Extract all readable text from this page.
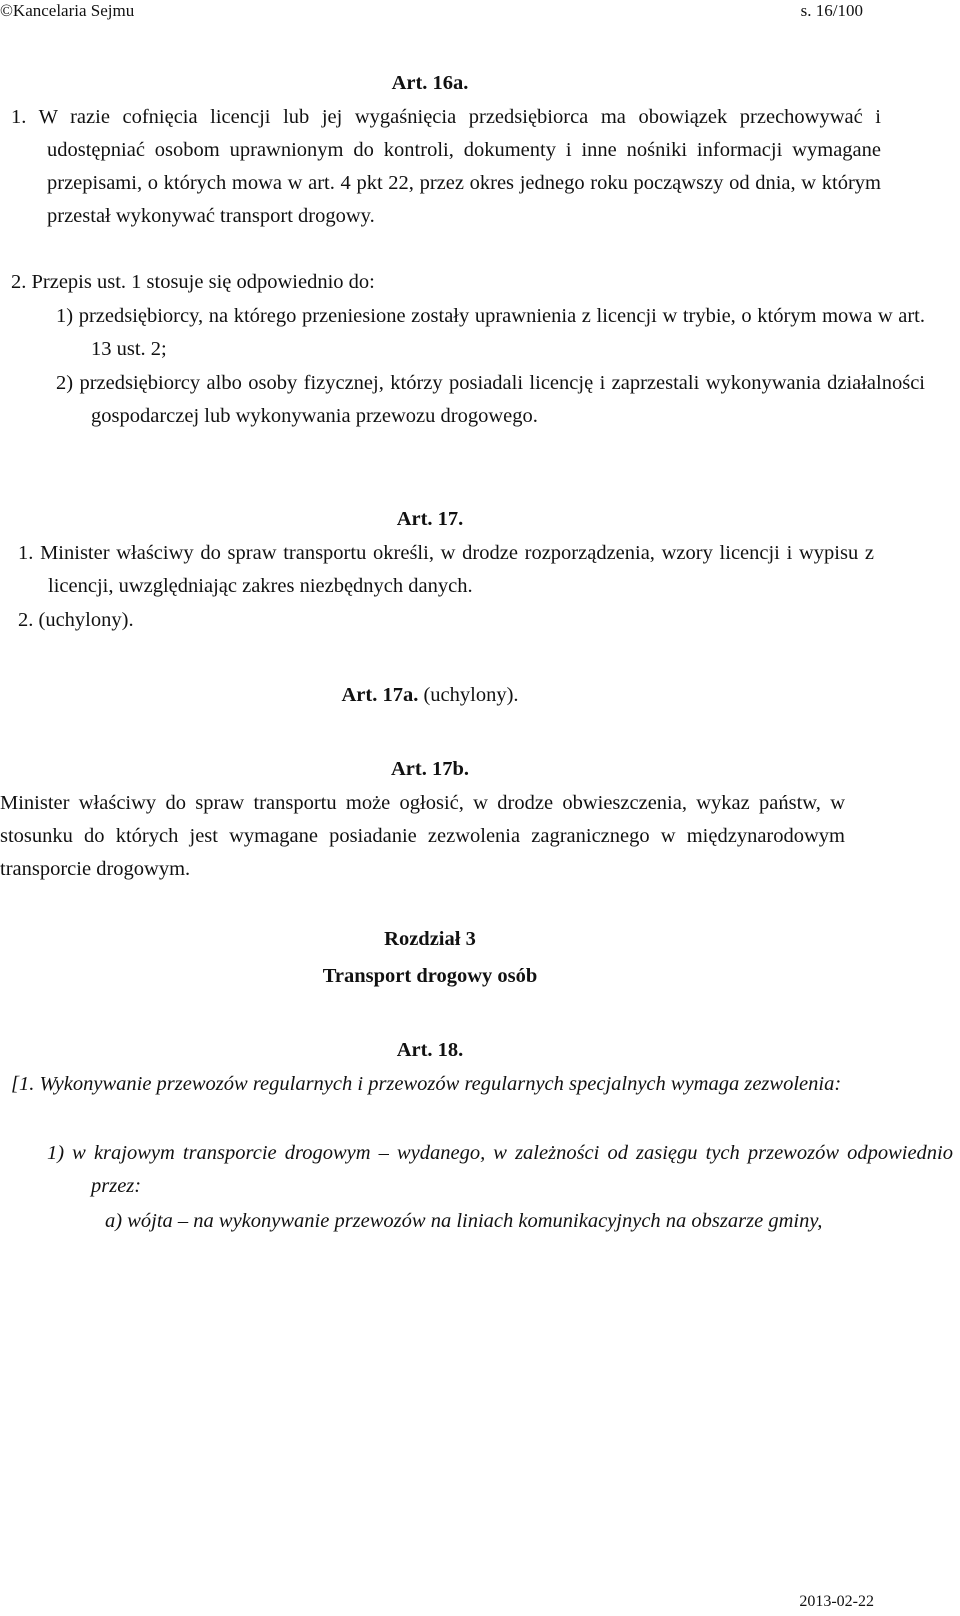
©Kancelaria Sejmu	s. 16/100
Art. 16a.

1. W razie cofnięcia licencji lub jej wygaśnięcia przedsiębiorca ma obowiązek przechowywać i udostępniać osobom uprawnionym do kontroli, dokumenty i inne nośniki informacji wymagane przepisami, o których mowa w art. 4 pkt 22, przez okres jednego roku począwszy od dnia, w którym przestał wykonywać transport drogowy.

2. Przepis ust. 1 stosuje się odpowiednio do:

1) przedsiębiorcy, na którego przeniesione zostały uprawnienia z licencji w trybie, o którym mowa w art. 13 ust. 2;

2) przedsiębiorcy albo osoby fizycznej, którzy posiadali licencję i zaprzestali wykonywania działalności gospodarczej lub wykonywania przewozu drogowego.

Art. 17.

1. Minister właściwy do spraw transportu określi, w drodze rozporządzenia, wzory licencji i wypisu z licencji, uwzględniając zakres niezbędnych danych.

2. (uchylony).

Art. 17a. (uchylony).
Art. 17b.

Minister właściwy do spraw transportu może ogłosić, w drodze obwieszczenia, wykaz państw, w stosunku do których jest wymagane posiadanie zezwolenia zagranicznego w międzynarodowym transporcie drogowym.

Rozdział 3
Transport drogowy osób
Art. 18.

[1. Wykonywanie przewozów regularnych i przewozów regularnych specjalnych wymaga zezwolenia:

1) w krajowym transporcie drogowym – wydanego, w zależności od zasięgu tych przewozów odpowiednio przez:

a) wójta – na wykonywanie przewozów na liniach komunikacyjnych na obszarze gminy,

2013-02-22
